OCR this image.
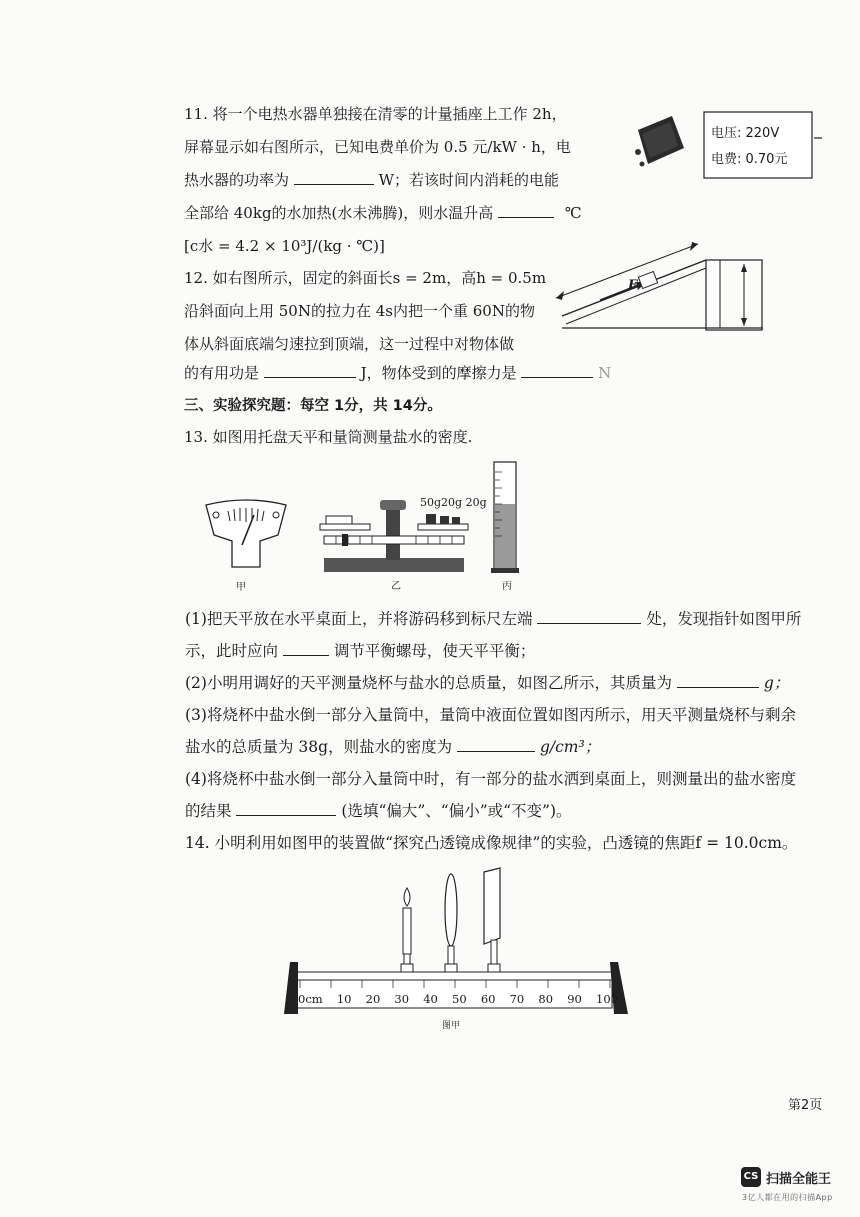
11. 将一个电热水器单独接在清零的计量插座上工作 2h，
屏幕显示如右图所示，已知电费单价为 0.5 元/kW · h，电
热水器的功率为	W；若该时间内消耗的电能
全部给 40kg的水加热(水未沸腾)，则水温升高	℃
[c水 = 4.2 × 10³J/(kg · ℃)]
电压: 220V
电费: 0.70元
12. 如右图所示，固定的斜面长s = 2m，高h = 0.5m
沿斜面向上用 50N的拉力在 4s内把一个重 60N的物
体从斜面底端匀速拉到顶端，这一过程中对物体做
的有用功是	J，物体受到的摩擦力是	N
F
三、实验探究题：每空 1分，共 14分。
13. 如图用托盘天平和量筒测量盐水的密度.
甲
50g20g 20g
乙	丙
(1)把天平放在水平桌面上，并将游码移到标尺左端	处，发现指针如图甲所
示，此时应向	调节平衡螺母，使天平平衡；
(2)小明用调好的天平测量烧杯与盐水的总质量，如图乙所示，其质量为	g；
(3)将烧杯中盐水倒一部分入量筒中，量筒中液面位置如图丙所示，用天平测量烧杯与剩余
盐水的总质量为 38g，则盐水的密度为	g/cm³；
(4)将烧杯中盐水倒一部分入量筒中时，有一部分的盐水洒到桌面上，则测量出的盐水密度
的结果	(选填“偏大”、“偏小”或“不变”)。
14. 小明利用如图甲的装置做“探究凸透镜成像规律”的实验，凸透镜的焦距f = 10.0cm。
0cm 10 20 30 40 50 60 70 80 90 100
图甲
第2页
CS 扫描全能王
3亿人都在用的扫描App
